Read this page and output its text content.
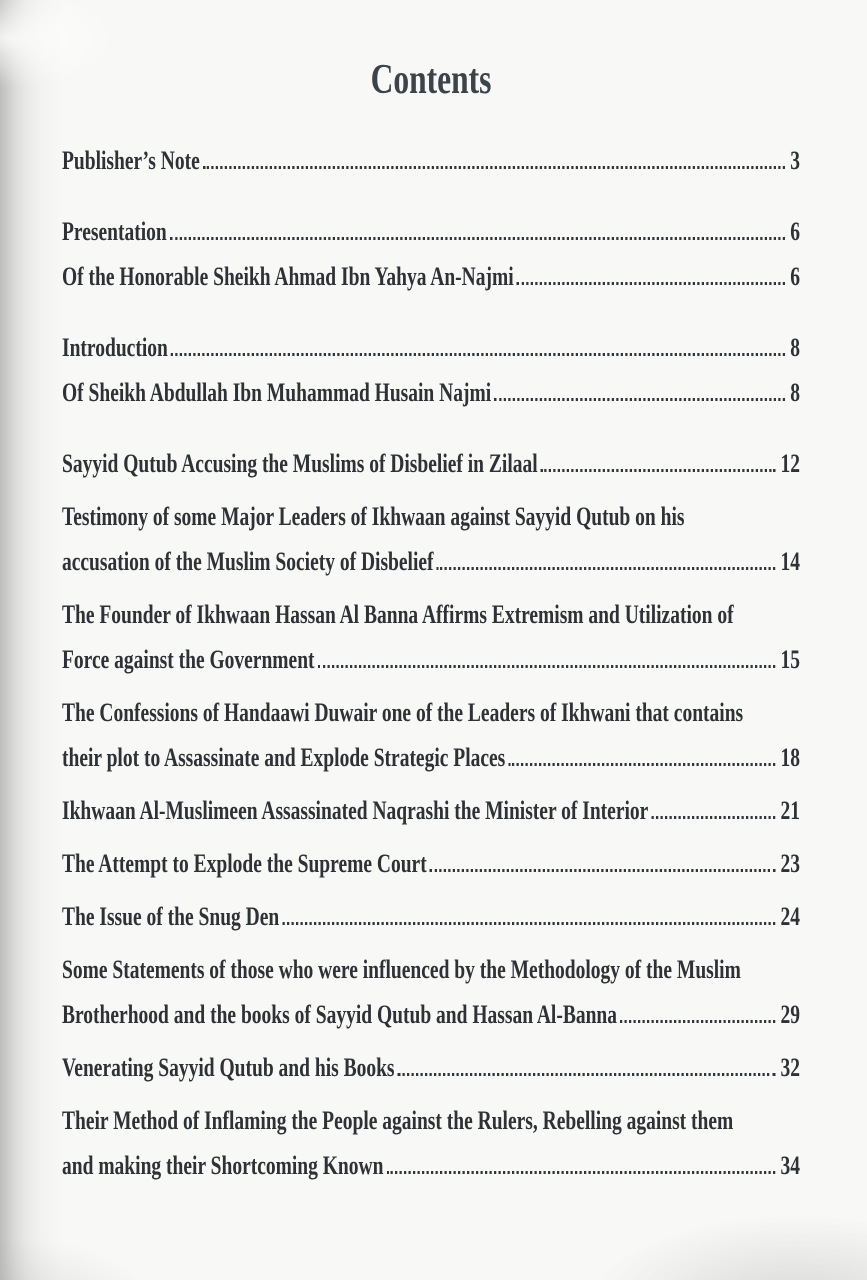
Contents
Publisher’s Note	3
Presentation	6
Of the Honorable Sheikh Ahmad Ibn Yahya An-Najmi	6
Introduction	8
Of Sheikh Abdullah Ibn Muhammad Husain Najmi	8
Sayyid Qutub Accusing the Muslims of Disbelief in Zilaal	12
Testimony of some Major Leaders of Ikhwaan against Sayyid Qutub on his
accusation of the Muslim Society of Disbelief	14
The Founder of Ikhwaan Hassan Al Banna Affirms Extremism and Utilization of
Force against the Government	15
The Confessions of Handaawi Duwair one of the Leaders of Ikhwani that contains
their plot to Assassinate and Explode Strategic Places	18
Ikhwaan Al-Muslimeen Assassinated Naqrashi the Minister of Interior	21
The Attempt to Explode the Supreme Court	23
The Issue of the Snug Den	24
Some Statements of those who were influenced by the Methodology of the Muslim
Brotherhood and the books of Sayyid Qutub and Hassan Al-Banna	29
Venerating Sayyid Qutub and his Books	32
Their Method of Inflaming the People against the Rulers, Rebelling against them
and making their Shortcoming Known	34
